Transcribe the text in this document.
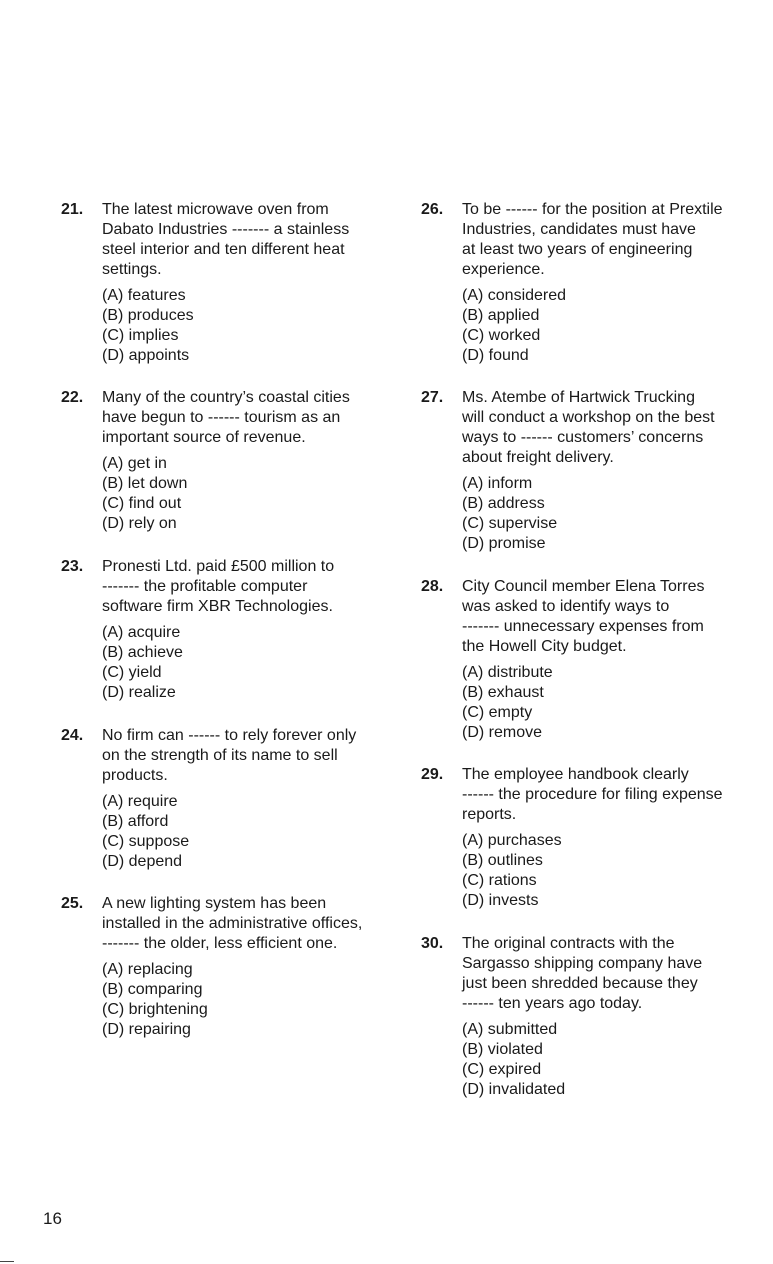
21. The latest microwave oven from
Dabato Industries ------- a stainless
steel interior and ten different heat
settings.
(A) features
(B) produces
(C) implies
(D) appoints
22. Many of the country’s coastal cities
have begun to ------ tourism as an
important source of revenue.
(A) get in
(B) let down
(C) find out
(D) rely on
23. Pronesti Ltd. paid £500 million to
------- the profitable computer
software firm XBR Technologies.
(A) acquire
(B) achieve
(C) yield
(D) realize
24. No firm can ------ to rely forever only
on the strength of its name to sell
products.
(A) require
(B) afford
(C) suppose
(D) depend
25. A new lighting system has been
installed in the administrative offices,
------- the older, less efficient one.
(A) replacing
(B) comparing
(C) brightening
(D) repairing
26. To be ------ for the position at Prextile
Industries, candidates must have
at least two years of engineering
experience.
(A) considered
(B) applied
(C) worked
(D) found
27. Ms. Atembe of Hartwick Trucking
will conduct a workshop on the best
ways to ------ customers’ concerns
about freight delivery.
(A) inform
(B) address
(C) supervise
(D) promise
28. City Council member Elena Torres
was asked to identify ways to
------- unnecessary expenses from
the Howell City budget.
(A) distribute
(B) exhaust
(C) empty
(D) remove
29. The employee handbook clearly
------ the procedure for filing expense
reports.
(A) purchases
(B) outlines
(C) rations
(D) invests
30. The original contracts with the
Sargasso shipping company have
just been shredded because they
------ ten years ago today.
(A) submitted
(B) violated
(C) expired
(D) invalidated
16
